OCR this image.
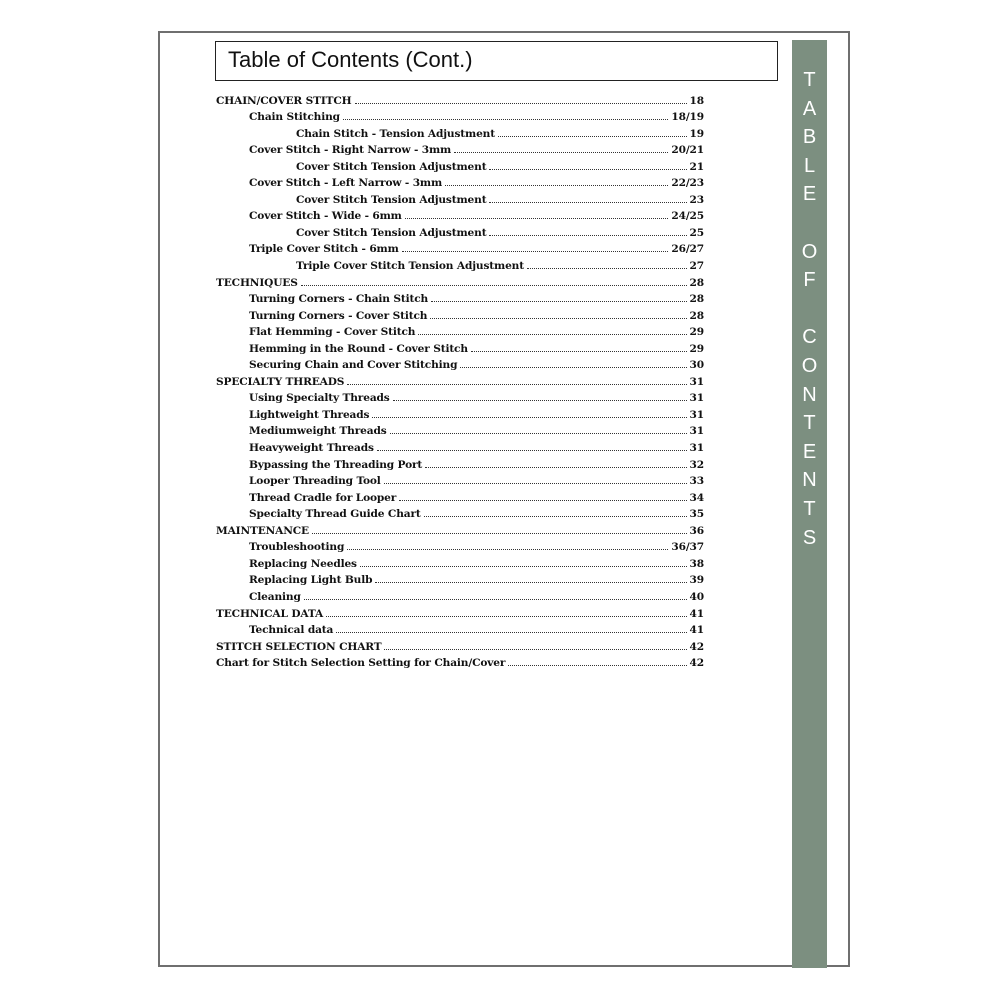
Table of Contents (Cont.)
CHAIN/COVER STITCH	18
Chain Stitching	18/19
Chain Stitch - Tension Adjustment	19
Cover Stitch - Right Narrow - 3mm	20/21
Cover Stitch Tension Adjustment	21
Cover Stitch - Left Narrow - 3mm	22/23
Cover Stitch Tension Adjustment	23
Cover Stitch - Wide - 6mm	24/25
Cover Stitch Tension Adjustment	25
Triple Cover Stitch - 6mm	26/27
Triple Cover Stitch Tension Adjustment	27
TECHNIQUES	28
Turning Corners - Chain Stitch	28
Turning Corners - Cover Stitch	28
Flat Hemming - Cover Stitch	29
Hemming in the Round - Cover Stitch	29
Securing Chain and Cover Stitching	30
SPECIALTY THREADS	31
Using Specialty Threads	31
Lightweight Threads	31
Mediumweight Threads	31
Heavyweight Threads	31
Bypassing the Threading Port	32
Looper Threading Tool	33
Thread Cradle for Looper	34
Specialty Thread Guide Chart	35
MAINTENANCE	36
Troubleshooting	36/37
Replacing Needles	38
Replacing Light Bulb	39
Cleaning	40
TECHNICAL DATA	41
Technical data	41
STITCH SELECTION CHART	42
Chart for Stitch Selection Setting for Chain/Cover	42
T
A
B
L
E
O
F
C
O
N
T
E
N
T
S
